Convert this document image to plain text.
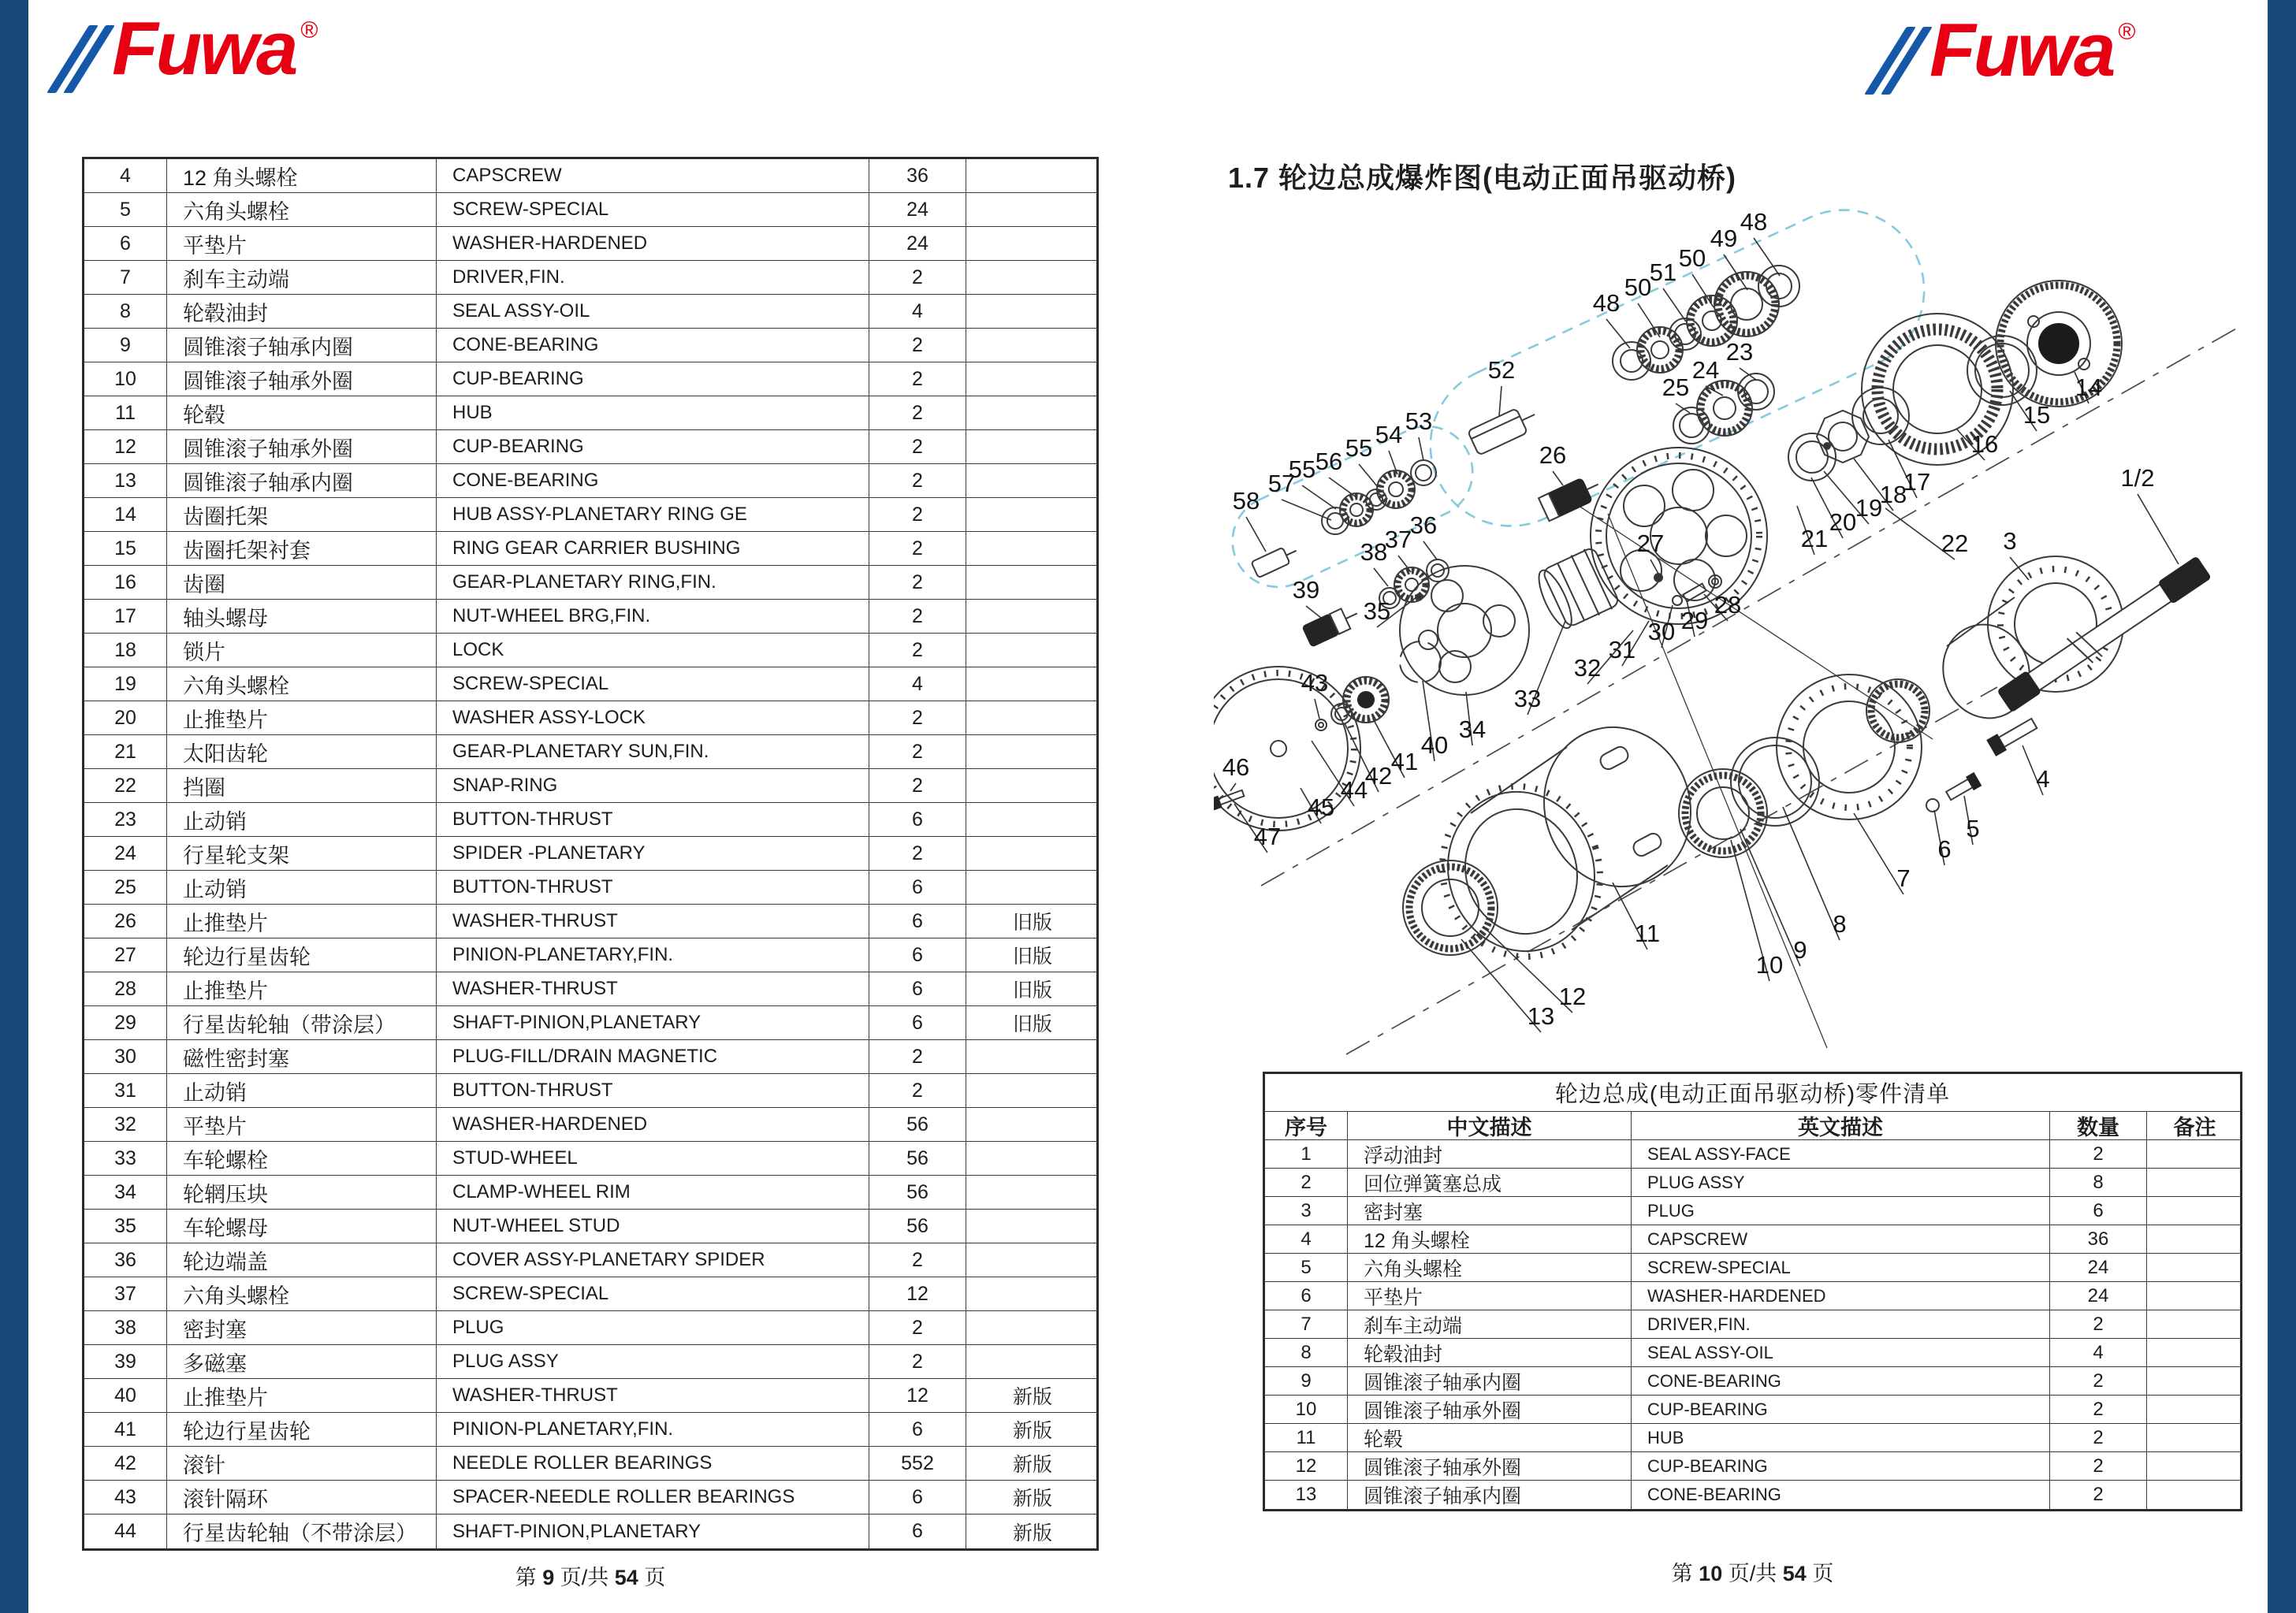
Fuwa ®	Fuwa ®
4	12 角头螺栓	CAPSCREW	36
5	六角头螺栓	SCREW-SPECIAL	24
6	平垫片	WASHER-HARDENED	24
7	刹车主动端	DRIVER,FIN.	2
8	轮毂油封	SEAL ASSY-OIL	4
9	圆锥滚子轴承内圈	CONE-BEARING	2
10	圆锥滚子轴承外圈	CUP-BEARING	2
11	轮毂	HUB	2
12	圆锥滚子轴承外圈	CUP-BEARING	2
13	圆锥滚子轴承内圈	CONE-BEARING	2
14	齿圈托架	HUB ASSY-PLANETARY RING GE	2
15	齿圈托架衬套	RING GEAR CARRIER BUSHING	2
16	齿圈	GEAR-PLANETARY RING,FIN.	2
17	轴头螺母	NUT-WHEEL BRG,FIN.	2
18	锁片	LOCK	2
19	六角头螺栓	SCREW-SPECIAL	4
20	止推垫片	WASHER ASSY-LOCK	2
21	太阳齿轮	GEAR-PLANETARY SUN,FIN.	2
22	挡圈	SNAP-RING	2
23	止动销	BUTTON-THRUST	6
24	行星轮支架	SPIDER -PLANETARY	2
25	止动销	BUTTON-THRUST	6
26	止推垫片	WASHER-THRUST	6	旧版
27	轮边行星齿轮	PINION-PLANETARY,FIN.	6	旧版
28	止推垫片	WASHER-THRUST	6	旧版
29	行星齿轮轴（带涂层）	SHAFT-PINION,PLANETARY	6	旧版
30	磁性密封塞	PLUG-FILL/DRAIN MAGNETIC	2
31	止动销	BUTTON-THRUST	2
32	平垫片	WASHER-HARDENED	56
33	车轮螺栓	STUD-WHEEL	56
34	轮辋压块	CLAMP-WHEEL RIM	56
35	车轮螺母	NUT-WHEEL STUD	56
36	轮边端盖	COVER ASSY-PLANETARY SPIDER	2
37	六角头螺栓	SCREW-SPECIAL	12
38	密封塞	PLUG	2
39	多磁塞	PLUG ASSY	2
40	止推垫片	WASHER-THRUST	12	新版
41	轮边行星齿轮	PINION-PLANETARY,FIN.	6	新版
42	滚针	NEEDLE ROLLER BEARINGS	552	新版
43	滚针隔环	SPACER-NEEDLE ROLLER BEARINGS	6	新版
44	行星齿轮轴（不带涂层）	SHAFT-PINION,PLANETARY	6	新版
第 9 页/共 54 页
1.7 轮边总成爆炸图(电动正面吊驱动桥)
48
49
50
51
50
48
23
24
25
52
26
53
54
55
56
55
57
58
36
37
38
39
35
27	22
21
28
29
30
31
32
33
34
40
41
42
43
44
45
46
47
10
9
8
7
6
5
4
11
12
13
14
15
16
17
18
19
20
1/2
3
轮边总成(电动正面吊驱动桥)零件清单
序号	中文描述	英文描述	数量	备注
1	浮动油封	SEAL ASSY-FACE	2
2	回位弹簧塞总成	PLUG ASSY	8
3	密封塞	PLUG	6
4	12 角头螺栓	CAPSCREW	36
5	六角头螺栓	SCREW-SPECIAL	24
6	平垫片	WASHER-HARDENED	24
7	刹车主动端	DRIVER,FIN.	2
8	轮毂油封	SEAL ASSY-OIL	4
9	圆锥滚子轴承内圈	CONE-BEARING	2
10	圆锥滚子轴承外圈	CUP-BEARING	2
11	轮毂	HUB	2
12	圆锥滚子轴承外圈	CUP-BEARING	2
13	圆锥滚子轴承内圈	CONE-BEARING	2
第 10 页/共 54 页
